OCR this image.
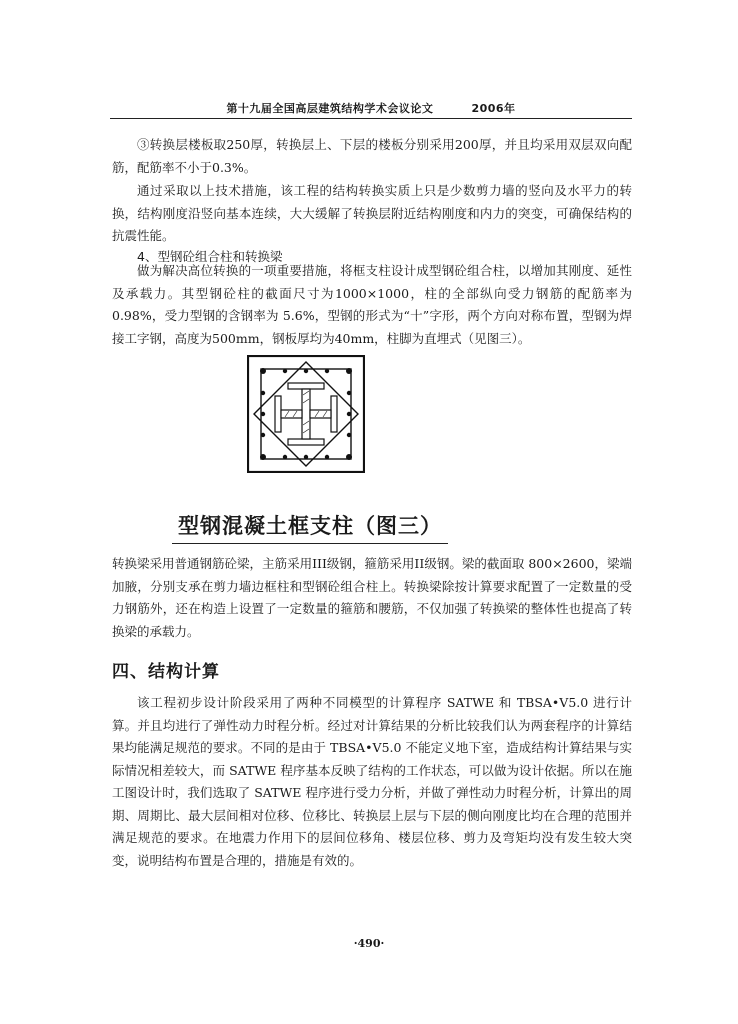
第十九届全国高层建筑结构学术会议论文	2006年

③转换层楼板取250厚，转换层上、下层的楼板分别采用200厚，并且均采用双层双向配筋，配筋率不小于0.3%。

通过采取以上技术措施，该工程的结构转换实质上只是少数剪力墙的竖向及水平力的转换，结构刚度沿竖向基本连续，大大缓解了转换层附近结构刚度和内力的突变，可确保结构的抗震性能。

4、型钢砼组合柱和转换梁

做为解决高位转换的一项重要措施，将框支柱设计成型钢砼组合柱，以增加其刚度、延性及承载力。其型钢砼柱的截面尺寸为1000×1000，柱的全部纵向受力钢筋的配筋率为0.98%，受力型钢的含钢率为 5.6%，型钢的形式为“十”字形，两个方向对称布置，型钢为焊接工字钢，高度为500mm，钢板厚均为40mm，柱脚为直埋式（见图三）。

型钢混凝土框支柱（图三）

转换梁采用普通钢筋砼梁，主筋采用III级钢，箍筋采用II级钢。梁的截面取 800×2600，梁端加腋，分别支承在剪力墙边框柱和型钢砼组合柱上。转换梁除按计算要求配置了一定数量的受力钢筋外，还在构造上设置了一定数量的箍筋和腰筋，不仅加强了转换梁的整体性也提高了转换梁的承载力。

四、结构计算

该工程初步设计阶段采用了两种不同模型的计算程序 SATWE 和 TBSA•V5.0 进行计算。并且均进行了弹性动力时程分析。经过对计算结果的分析比较我们认为两套程序的计算结果均能满足规范的要求。不同的是由于 TBSA•V5.0 不能定义地下室，造成结构计算结果与实际情况相差较大，而 SATWE 程序基本反映了结构的工作状态，可以做为设计依据。所以在施工图设计时，我们选取了 SATWE 程序进行受力分析，并做了弹性动力时程分析，计算出的周期、周期比、最大层间相对位移、位移比、转换层上层与下层的侧向刚度比均在合理的范围并满足规范的要求。在地震力作用下的层间位移角、楼层位移、剪力及弯矩均没有发生较大突变，说明结构布置是合理的，措施是有效的。

·490·
